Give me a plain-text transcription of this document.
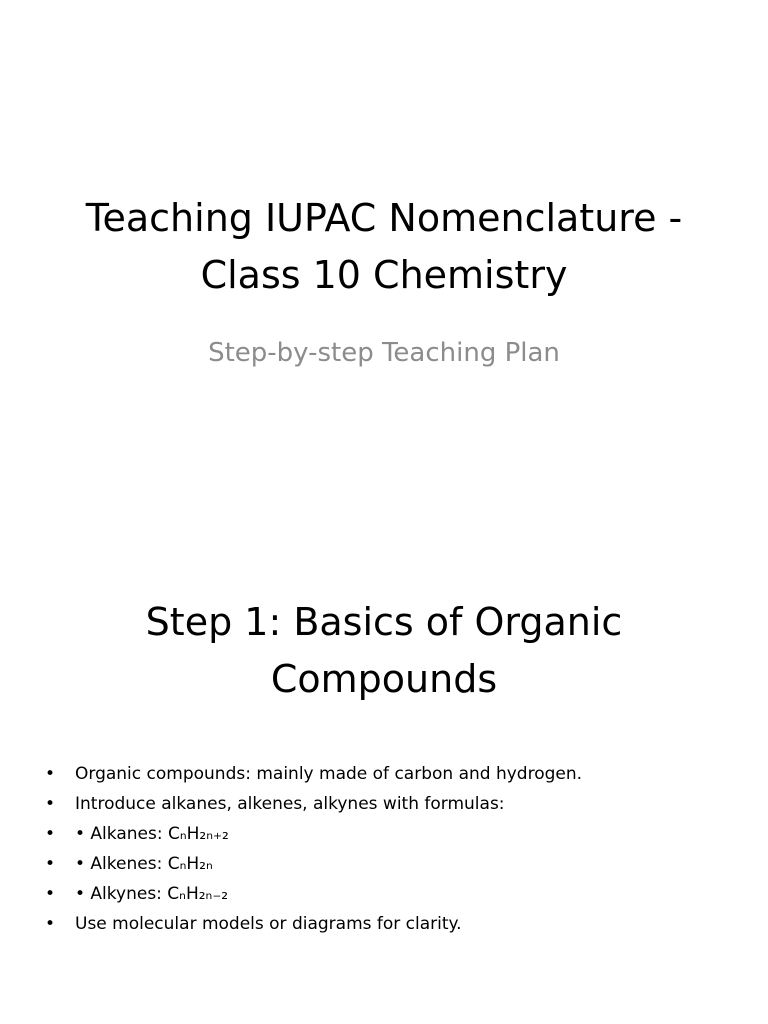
Teaching IUPAC Nomenclature - Class 10 Chemistry
Step-by-step Teaching Plan
Step 1: Basics of Organic Compounds
• Organic compounds: mainly made of carbon and hydrogen.
• Introduce alkanes, alkenes, alkynes with formulas:
• • Alkanes: CₙH₂ₙ₊₂
• • Alkenes: CₙH₂ₙ
• • Alkynes: CₙH₂ₙ₋₂
• Use molecular models or diagrams for clarity.
